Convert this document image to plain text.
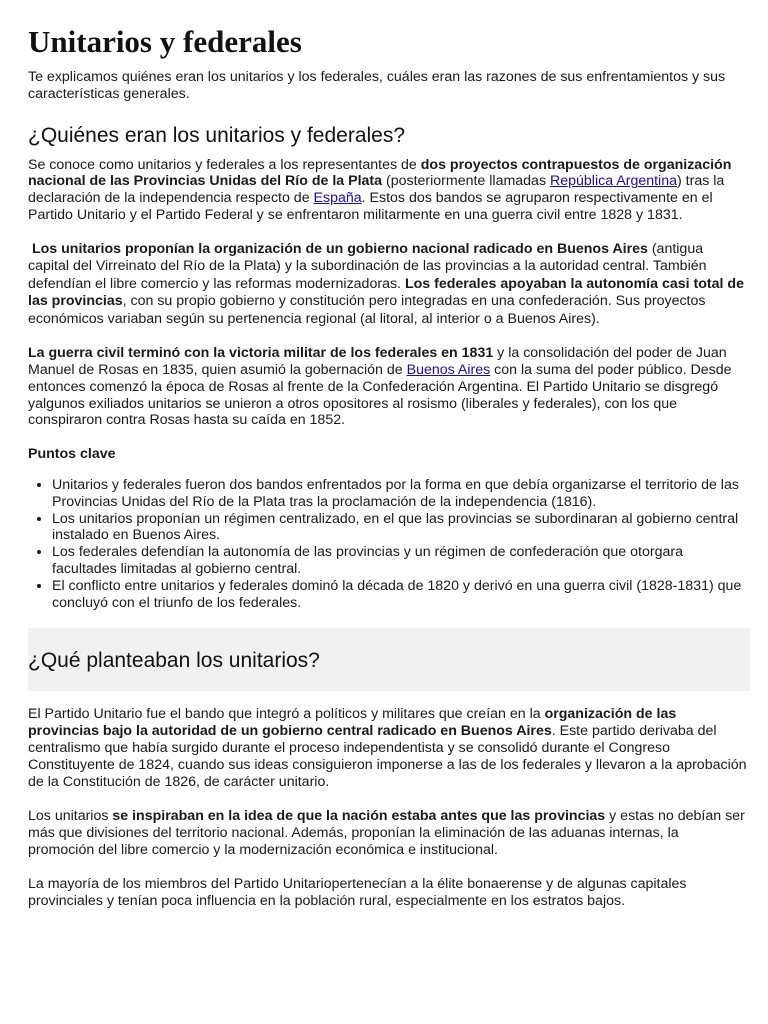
Unitarios y federales

Te explicamos quiénes eran los unitarios y los federales, cuáles eran las razones de sus enfrentamientos y sus características generales.

¿Quiénes eran los unitarios y federales?

Se conoce como unitarios y federales a los representantes de dos proyectos contrapuestos de organización nacional de las Provincias Unidas del Río de la Plata (posteriormente llamadas República Argentina) tras la declaración de la independencia respecto de España. Estos dos bandos se agruparon respectivamente en el Partido Unitario y el Partido Federal y se enfrentaron militarmente en una guerra civil entre 1828 y 1831.

Los unitarios proponían la organización de un gobierno nacional radicado en Buenos Aires (antigua capital del Virreinato del Río de la Plata) y la subordinación de las provincias a la autoridad central. También defendían el libre comercio y las reformas modernizadoras. Los federales apoyaban la autonomía casi total de las provincias, con su propio gobierno y constitución pero integradas en una confederación. Sus proyectos económicos variaban según su pertenencia regional (al litoral, al interior o a Buenos Aires).

La guerra civil terminó con la victoria militar de los federales en 1831 y la consolidación del poder de Juan Manuel de Rosas en 1835, quien asumió la gobernación de Buenos Aires con la suma del poder público. Desde entonces comenzó la época de Rosas al frente de la Confederación Argentina. El Partido Unitario se disgregó yalgunos exiliados unitarios se unieron a otros opositores al rosismo (liberales y federales), con los que conspiraron contra Rosas hasta su caída en 1852.

Puntos clave

• Unitarios y federales fueron dos bandos enfrentados por la forma en que debía organizarse el territorio de las Provincias Unidas del Río de la Plata tras la proclamación de la independencia (1816).
• Los unitarios proponían un régimen centralizado, en el que las provincias se subordinaran al gobierno central instalado en Buenos Aires.
• Los federales defendían la autonomía de las provincias y un régimen de confederación que otorgara facultades limitadas al gobierno central.
• El conflicto entre unitarios y federales dominó la década de 1820 y derivó en una guerra civil (1828-1831) que concluyó con el triunfo de los federales.
¿Qué planteaban los unitarios?

El Partido Unitario fue el bando que integró a políticos y militares que creían en la organización de las provincias bajo la autoridad de un gobierno central radicado en Buenos Aires. Este partido derivaba del centralismo que había surgido durante el proceso independentista y se consolidó durante el Congreso Constituyente de 1824, cuando sus ideas consiguieron imponerse a las de los federales y llevaron a la aprobación de la Constitución de 1826, de carácter unitario.

Los unitarios se inspiraban en la idea de que la nación estaba antes que las provincias y estas no debían ser más que divisiones del territorio nacional. Además, proponían la eliminación de las aduanas internas, la promoción del libre comercio y la modernización económica e institucional.

La mayoría de los miembros del Partido Unitariopertenecían a la élite bonaerense y de algunas capitales provinciales y tenían poca influencia en la población rural, especialmente en los estratos bajos.
